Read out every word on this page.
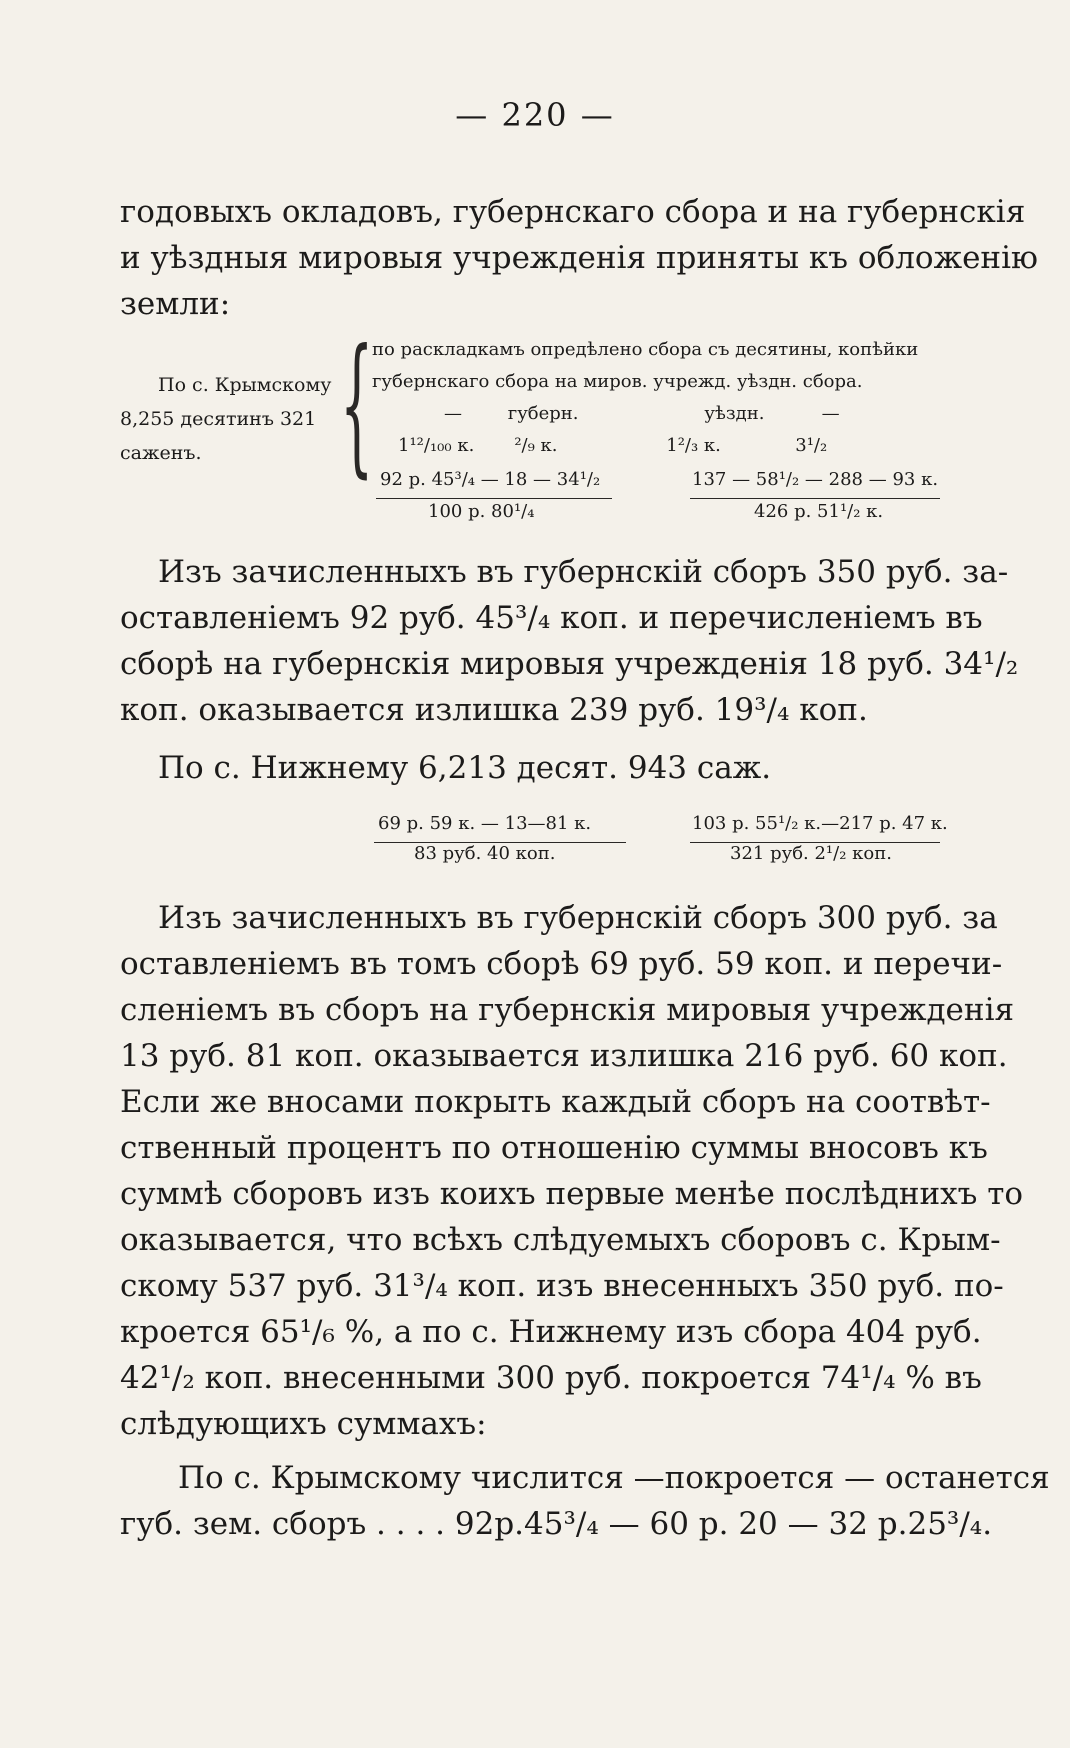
— 220 —
годовыхъ окладовъ, губернскаго сбора и на губернскія
и уѣздныя мировыя учрежденія приняты къ обложенію
земли:
По с. Крымскому
8,255 десятинъ 321
саженъ. {
по раскладкамъ опредѣлено сбора съ десятины, копѣйки
губернскаго сбора на миров. учрежд. уѣздн. сбора.
—        губерн.                      уѣздн.          —
1¹²/₁₀₀ к.       ²/₉ к.                   1²/₃ к.             3¹/₂
92 р. 45³/₄ — 18 — 34¹/₂	137 — 58¹/₂ — 288 — 93 к.
100 р. 80¹/₄	426 р. 51¹/₂ к.
Изъ зачисленныхъ въ губернскій сборъ 350 руб. за-
оставленіемъ 92 руб. 45³/₄ коп. и перечисленіемъ въ
сборѣ на губернскія мировыя учрежденія 18 руб. 34¹/₂
коп. оказывается излишка 239 руб. 19³/₄ коп.
По с. Нижнему 6,213 десят. 943 саж.
69 р. 59 к. — 13—81 к.	103 р. 55¹/₂ к.—217 р. 47 к.
83 руб. 40 коп.	321 руб. 2¹/₂ коп.
Изъ зачисленныхъ въ губернскій сборъ 300 руб. за
оставленіемъ въ томъ сборѣ 69 руб. 59 коп. и перечи-
сленіемъ въ сборъ на губернскія мировыя учрежденія
13 руб. 81 коп. оказывается излишка 216 руб. 60 коп.
Если же вносами покрыть каждый сборъ на соотвѣт-
ственный процентъ по отношенію суммы вносовъ къ
суммѣ сборовъ изъ коихъ первые менѣе послѣднихъ то
оказывается, что всѣхъ слѣдуемыхъ сборовъ с. Крым-
скому 537 руб. 31³/₄ коп. изъ внесенныхъ 350 руб. по-
кроется 65¹/₆ %, а по с. Нижнему изъ сбора 404 руб.
42¹/₂ коп. внесенными 300 руб. покроется 74¹/₄ % въ
слѣдующихъ суммахъ:
По с. Крымскому числится —покроется — останется
губ. зем. сборъ . . . . 92р.45³/₄ — 60 р. 20 — 32 р.25³/₄.
